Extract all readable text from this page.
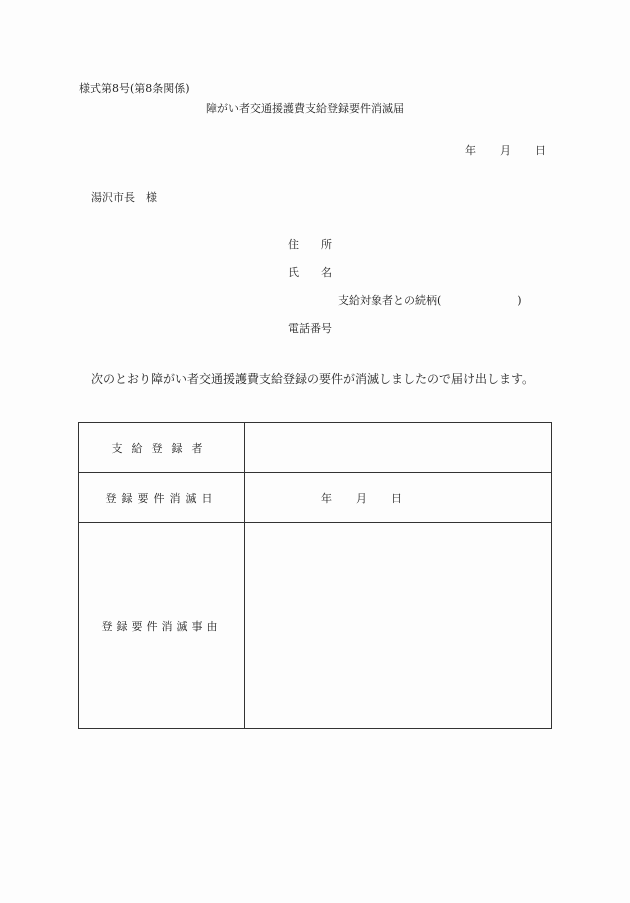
様式第8号(第8条関係)
障がい者交通援護費支給登録要件消滅届
年 月 日
湯沢市長　様
住 所
氏 名
支給対象者との続柄(	)
電話番号
次のとおり障がい者交通援護費支給登録の要件が消滅しましたので届け出します。
支給登録者	
登録要件消滅日	年 月 日
登録要件消滅事由	
